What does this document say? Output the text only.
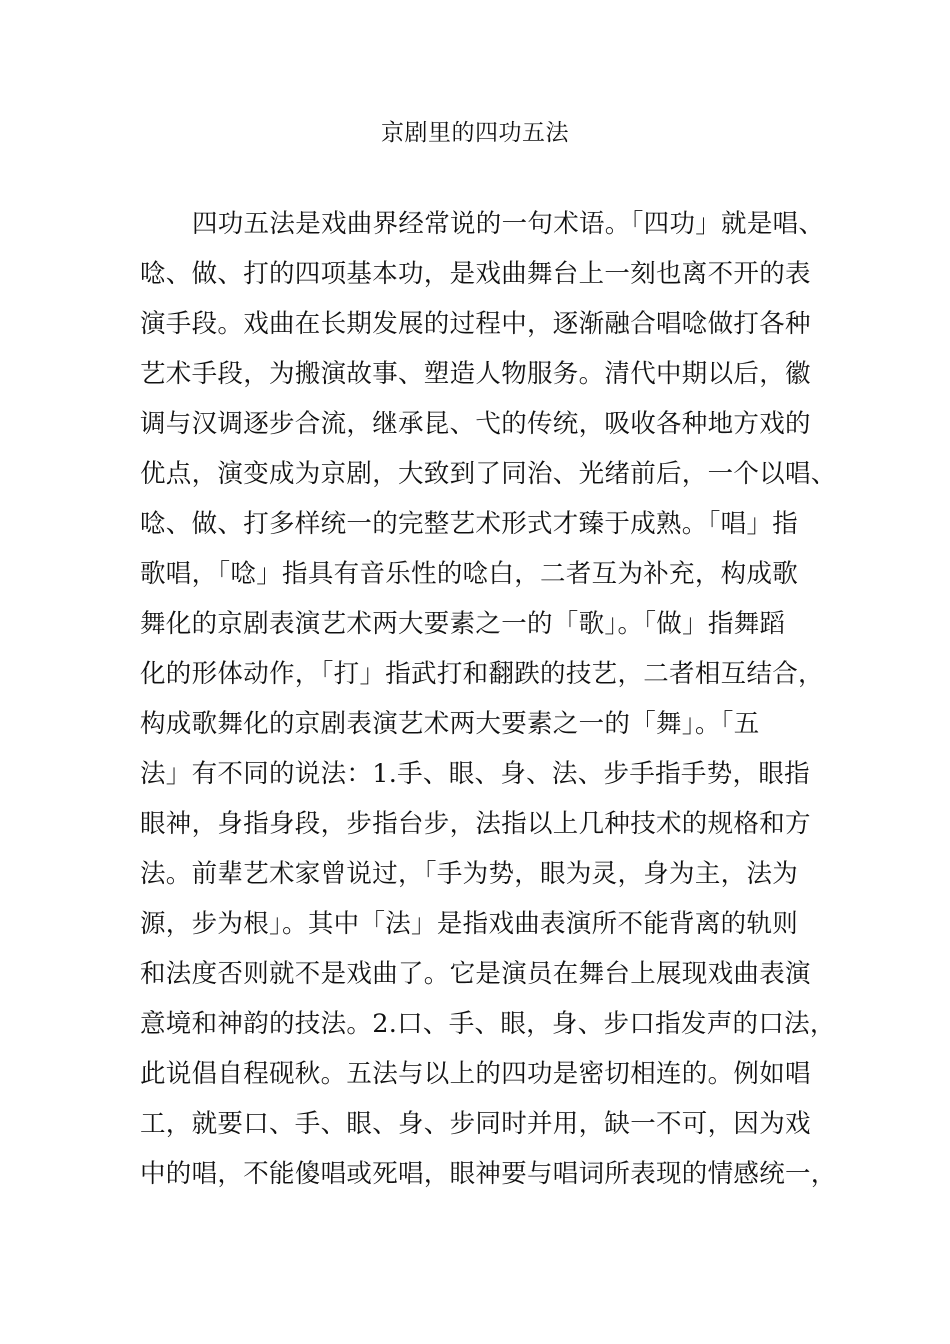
京剧里的四功五法
四功五法是戏曲界经常说的一句术语。「四功」就是唱、
唸、做、打的四项基本功，是戏曲舞台上一刻也离不开的表
演手段。戏曲在长期发展的过程中，逐渐融合唱唸做打各种
艺术手段，为搬演故事、塑造人物服务。清代中期以后，徽
调与汉调逐步合流，继承昆、弋的传统，吸收各种地方戏的
优点，演变成为京剧，大致到了同治、光绪前后，一个以唱、
唸、做、打多样统一的完整艺术形式才臻于成熟。「唱」指
歌唱，「唸」指具有音乐性的唸白，二者互为补充，构成歌
舞化的京剧表演艺术两大要素之一的「歌」。「做」指舞蹈
化的形体动作，「打」指武打和翻跌的技艺，二者相互结合，
构成歌舞化的京剧表演艺术两大要素之一的「舞」。「五
法」有不同的说法：1.手、眼、身、法、步手指手势，眼指
眼神，身指身段，步指台步，法指以上几种技术的规格和方
法。前辈艺术家曾说过，「手为势，眼为灵，身为主，法为
源，步为根」。其中「法」是指戏曲表演所不能背离的轨则
和法度否则就不是戏曲了。它是演员在舞台上展现戏曲表演
意境和神韵的技法。2.口、手、眼，身、步口指发声的口法，
此说倡自程砚秋。五法与以上的四功是密切相连的。例如唱
工，就要口、手、眼、身、步同时并用，缺一不可，因为戏
中的唱，不能傻唱或死唱，眼神要与唱词所表现的情感统一，
